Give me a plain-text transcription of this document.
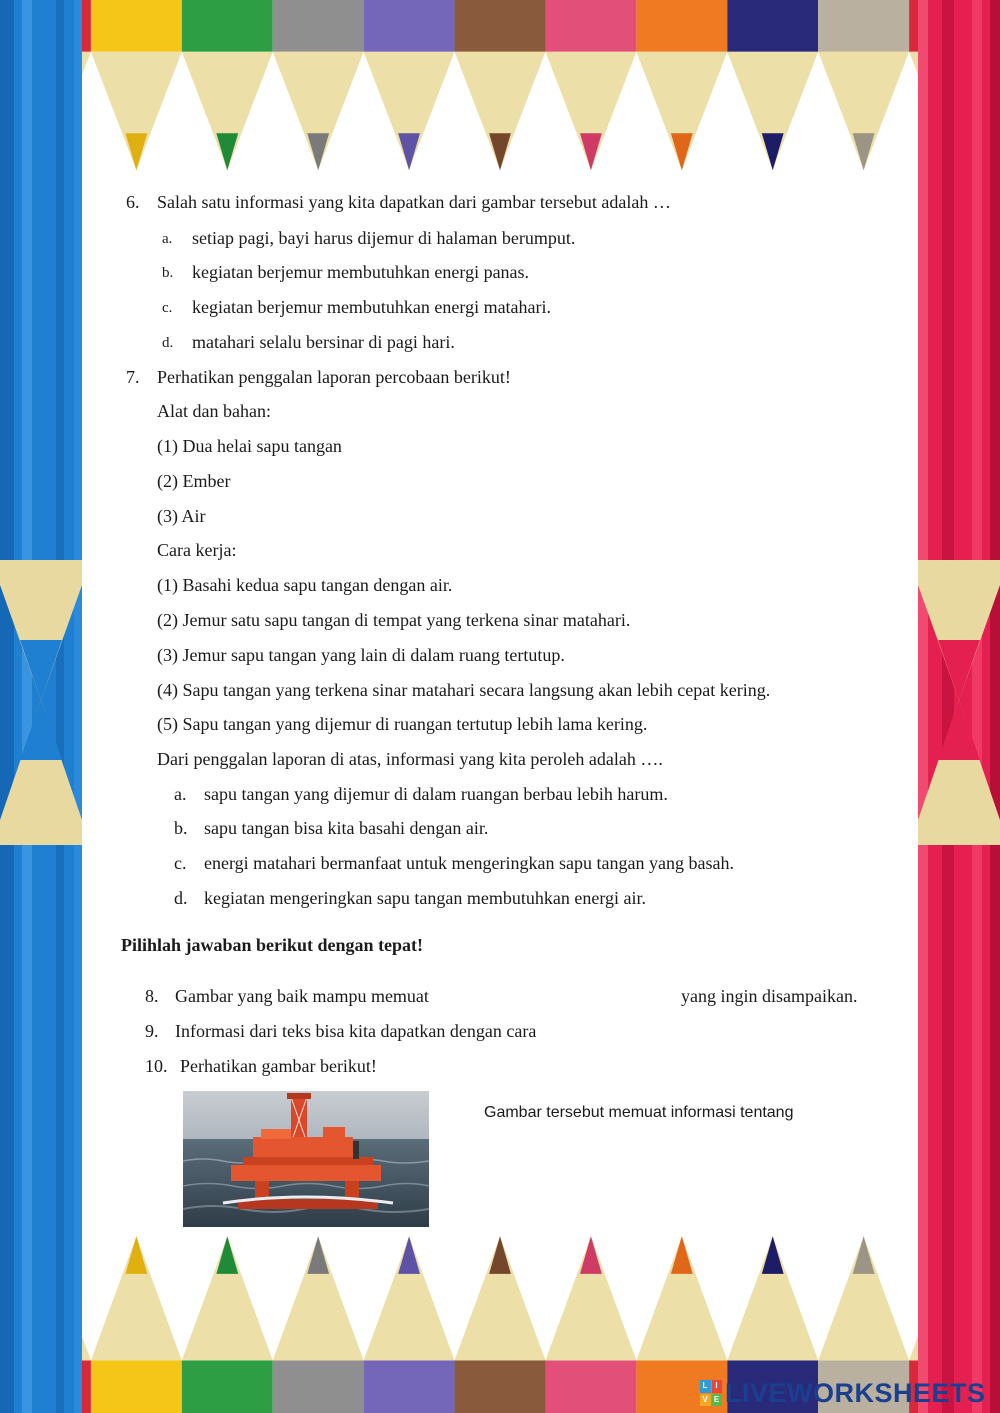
6. Salah satu informasi yang kita dapatkan dari gambar tersebut adalah …
a. setiap pagi, bayi harus dijemur di halaman berumput.
b. kegiatan berjemur membutuhkan energi panas.
c. kegiatan berjemur membutuhkan energi matahari.
d. matahari selalu bersinar di pagi hari.
7. Perhatikan penggalan laporan percobaan berikut!
Alat dan bahan:
(1) Dua helai sapu tangan
(2) Ember
(3) Air
Cara kerja:
(1) Basahi kedua sapu tangan dengan air.
(2) Jemur satu sapu tangan di tempat yang terkena sinar matahari.
(3) Jemur sapu tangan yang lain di dalam ruang tertutup.
(4) Sapu tangan yang terkena sinar matahari secara langsung akan lebih cepat kering.
(5) Sapu tangan yang dijemur di ruangan tertutup lebih lama kering.
Dari penggalan laporan di atas, informasi yang kita peroleh adalah ….
a. sapu tangan yang dijemur di dalam ruangan berbau lebih harum.
b. sapu tangan bisa kita basahi dengan air.
c. energi matahari bermanfaat untuk mengeringkan sapu tangan yang basah.
d. kegiatan mengeringkan sapu tangan membutuhkan energi air.
Pilihlah jawaban berikut dengan tepat!
8. Gambar yang baik mampu memuat	yang ingin disampaikan.
9. Informasi dari teks bisa kita dapatkan dengan cara
10. Perhatikan gambar berikut!
Gambar tersebut memuat informasi tentang
L I
V E LIVEWORKSHEETS
